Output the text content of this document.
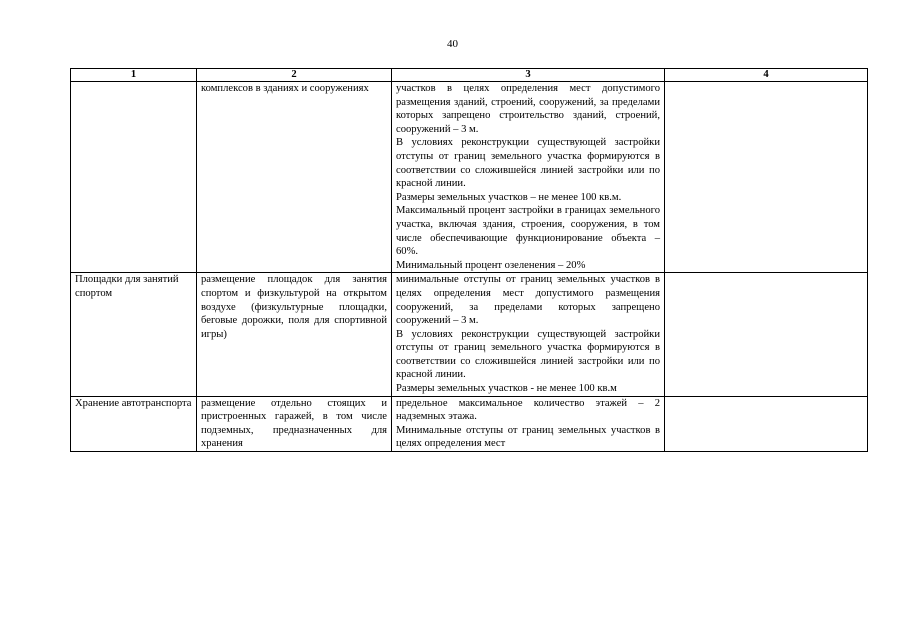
40
1	2	3	4

	комплексов в зданиях и сооружениях	участков в целях определения мест допустимого размещения зданий, строений, сооружений, за пределами которых запрещено строительство зданий, строений, сооружений – 3 м.
В условиях реконструкции существующей застройки отступы от границ земельного участка формируются в соответствии со сложившейся линией застройки или по красной линии.
Размеры земельных участков – не менее 100 кв.м.
Максимальный процент застройки в границах земельного участка, включая здания, строения, сооружения, в том числе обеспечивающие функционирование объекта – 60%.
Минимальный процент озеленения – 20%	

Площадки для занятий спортом	размещение площадок для занятия спортом и физкультурой на открытом воздухе (физкультурные площадки, беговые дорожки, поля для спортивной игры)	минимальные отступы от границ земельных участков в целях определения мест допустимого размещения сооружений, за пределами которых запрещено сооружений – 3 м.
В условиях реконструкции существующей застройки отступы от границ земельного участка формируются в соответствии со сложившейся линией застройки или по красной линии.
Размеры земельных участков - не менее 100 кв.м	

Хранение автотранспорта	размещение отдельно стоящих и пристроенных гаражей, в том числе подземных, предназначенных для хранения	предельное максимальное количество этажей – 2 надземных этажа.
Минимальные отступы от границ земельных участков в целях определения мест	
